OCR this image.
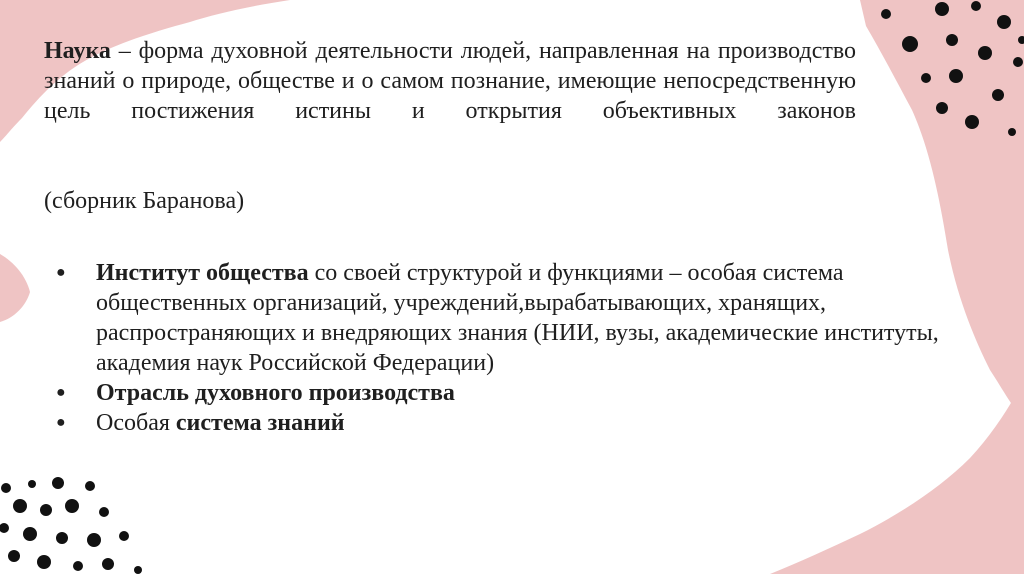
Наука – форма духовной деятельности людей, направленная на производство знаний о природе, обществе и о самом познание, имеющие непосредственную цель постижения истины и открытия объективных законов

(сборник Баранова)

● Институт общества со своей структурой и функциями – особая система общественных организаций, учреждений,вырабатывающих, хранящих, распространяющих и внедряющих знания (НИИ, вузы, академические институты, академия наук Российской Федерации)
● Отрасль духовного производства
● Особая система знаний
